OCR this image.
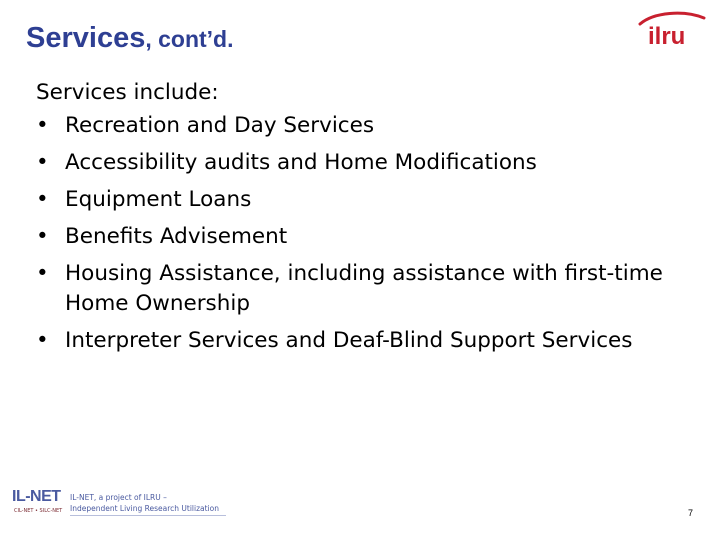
Services, cont’d.	ilru

Services include:

• Recreation and Day Services
• Accessibility audits and Home Modifications
• Equipment Loans
• Benefits Advisement
• Housing Assistance, including assistance with first-time Home Ownership
• Interpreter Services and Deaf-Blind Support Services
IL-NET
CIL-NET • SILC-NET
IL-NET, a project of ILRU –
Independent Living Research Utilization	7
